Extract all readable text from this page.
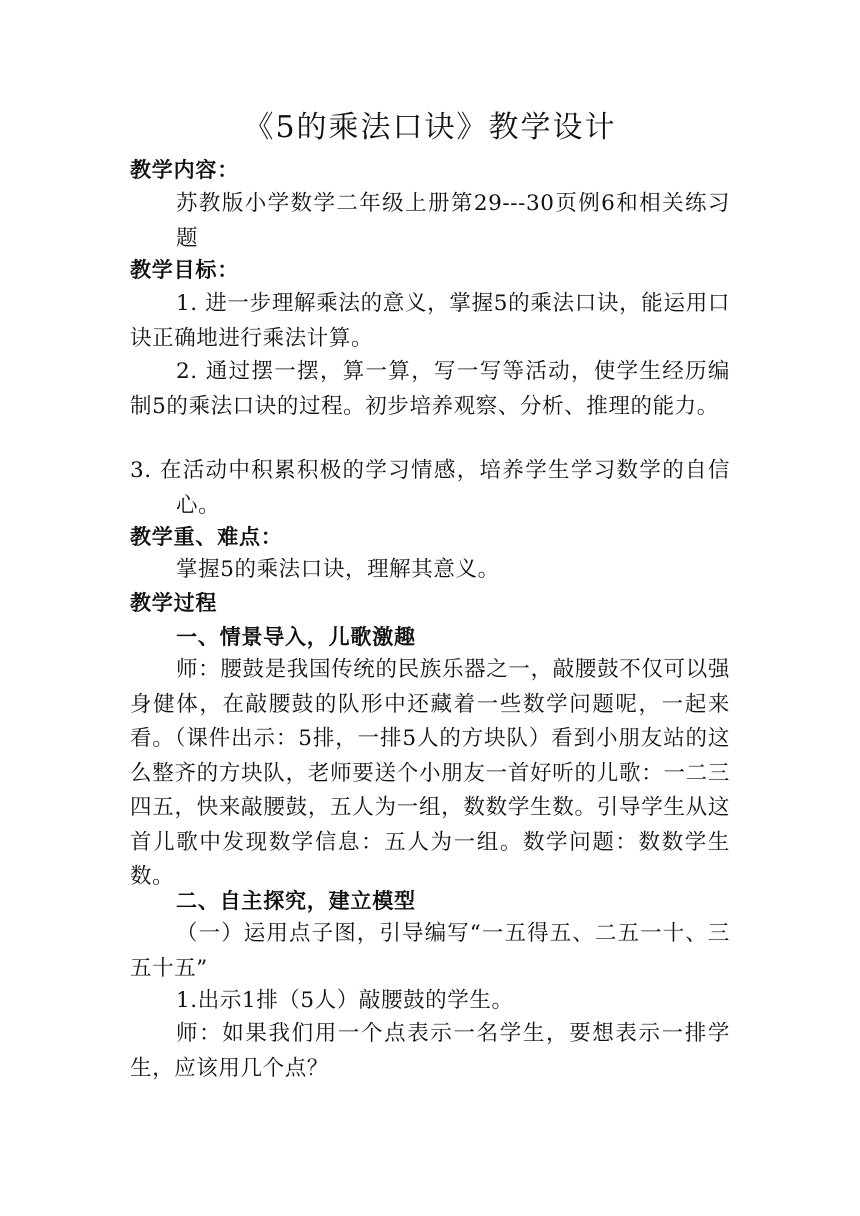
《5的乘法口诀》教学设计
教学内容：
苏教版小学数学二年级上册第29---30页例6和相关练习题
教学目标：
1. 进一步理解乘法的意义，掌握5的乘法口诀，能运用口诀正确地进行乘法计算。
2. 通过摆一摆，算一算，写一写等活动，使学生经历编制5的乘法口诀的过程。初步培养观察、分析、推理的能力。
3. 在活动中积累积极的学习情感，培养学生学习数学的自信心。
教学重、难点：
掌握5的乘法口诀，理解其意义。
教学过程
一、情景导入，儿歌激趣
师：腰鼓是我国传统的民族乐器之一，敲腰鼓不仅可以强身健体，在敲腰鼓的队形中还藏着一些数学问题呢，一起来看。（课件出示：5排，一排5人的方块队）看到小朋友站的这么整齐的方块队，老师要送个小朋友一首好听的儿歌：一二三四五，快来敲腰鼓，五人为一组，数数学生数。引导学生从这首儿歌中发现数学信息：五人为一组。数学问题：数数学生数。
二、自主探究，建立模型
（一）运用点子图，引导编写“一五得五、二五一十、三五十五”
1.出示1排（5人）敲腰鼓的学生。
师：如果我们用一个点表示一名学生，要想表示一排学生，应该用几个点？
